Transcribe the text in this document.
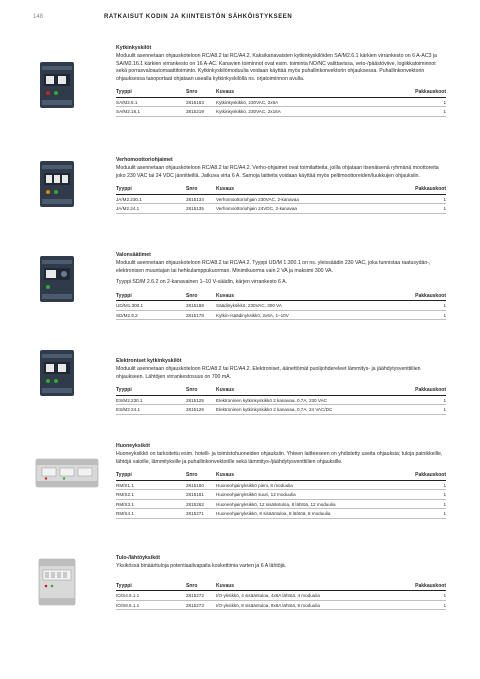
148	RATKAISUT KODIN JA KIINTEISTÖN SÄHKÖISTYKSEEN
Kytkinkyskilöt

Moduulit asennetaan ohjauskoteloon RC/A8.2 tai RC/A4.2. Kaksikanavaisten kytkinkyskilöiden SA/M2.6.1 kärkien virrankesto on 6 A-AC3 ja SA/M2.16.1 kärkien virrankesto on 16 A-AC. Kanavien toiminnot ovat esim. toiminta NO/NC valittavissa, veto-/päästöviive, logiikkatoiminnot sekä porrasvaloautomaattitoiminto. Kytkinkyskilömoduulia voidaan käyttää myös puhallinkonvektorin ohjauksessa. Puhallinkonvektorin ohjauksessa tasoportaat ohjataan usealla kytkinkyskilöllä ns. orjatoiminnon avulla.

Tyyppi	Snro	Kuvaus	Pakkauskoot
SA/M2.6.1	2815163	Kytkinkyskikkö, 230VAC, 2x6A	1
SA/M2.16.1	2815219	Kytkinkyskikkö, 230VAC, 2x16A	1
Verhomoottoriohjaimet

Moduulit asennetaan ohjauskoteloon RC/A8.2 tai RC/A4.2. Verho-ohjaimet ovat toimilaitteita, joilla ohjataan itsenäisenä ryhmänä moottoreita joko 230 VAC tai 24 VDC jännitteillä. Jatkuva virta 6 A. Samoja laitteita voidaan käyttää myös peltimoottoreiden/luukkujen ohjauksiin.

Tyyppi	Snro	Kuvaus	Pakkauskoot
JA/M2.230.1	2815134	Verhomoottoriohjain 230VAC, 2-kanavaa	1
JA/M2.24.1	2815135	Verhomoottoriohjain 24VDC, 2-kanavaa	1
Valonsäätimet

Moduulit asennetaan ohjauskoteloon RC/A8.2 tai RC/A4.2. Tyyppi UD/M 1.300.1 on ns. yleissäädin 230 VAC, joka tunnistaa raatusydän-, elektronisen muuntajan tai hehkulamppukuorman. Minimikuorma vain 2 VA ja maksimi 300 VA.

Tyyppi SD/M 2.6.2 on 2-kanavainen 1–10 V-säädin, kärjen virrankesto 6 A.

Tyyppi	Snro	Kuvaus	Pakkauskoot
UD/M1.300.1	2815189	Säädinyksikkö, 230VAC, 300 VA	1
SD/M2.6.2	2815178	Kytkin-/säädinyksikkö, 2x6A, 1–10V	1
Elektroniset kytkinkyskilöt

Moduulit asennetaan ohjauskoteloon RC/A8.2 tai RC/A4.2. Elektroniset, äänettömät puolijohdereleet lämmitys- ja jäähdytysventtiilien ohjaukseen. Lähtöjen virrankestosuus on 700 mA.

Tyyppi	Snro	Kuvaus	Pakkauskoot
ES/M2.230.1	2815125	Elektroninen kytkinkyskikkö 2 kanavaa, 0,7A, 230 VAC	1
ES/M2.24.1	2815126	Elektroninen kytkinkyskikkö 2 kanavaa, 0,7A, 24 VAC/DC	1
Huoneyksiköt

Huoneyksikkö on tarkoitettu esim. hotelli- ja toimistohuoneiden ohjauksiin. Yhteen laitteeseen on yhdistetty useita ohjauksia; tuloja painikkeille, lähtöjä valoille, lämmityksille ja puhallinkonvektorille sekä lämmitys-/jäähdytysventtiilien ohjauksille.

Tyyppi	Snro	Kuvaus	Pakkauskoot
RM/S1.1	2815160	Huoneohjainyksikkö pieni, 8 moduulia	1
RM/S2.1	2815161	Huoneohjainyksikkö suuri, 12 moduulia	1
RM/S3.1	2815262	Huoneohjainyksikkö, 12 sisääntuloa, 8 lähtöä, 12 moduulia	1
RM/S4.1	2815271	Huoneohjainyksikkö, 8 sisääntuloa, 8 lähtöä, 8 moduulia	1
Tulo-/lähtöyksiköt

Yksikössä binäärituloja potentiaalivapaita koskettimia varten ja 6 A lähtöjä.

Tyyppi	Snro	Kuvaus	Pakkauskoot
IO/S4.6.1.1	2815272	I/O-yksikkö, 4 sisääntuloa, 4x6A lähtöä, 4 moduulia	1
IO/S8.6.1.1	2815273	I/O-yksikkö, 8 sisääntuloa, 8x6A lähtöä, 8 moduulia	1
